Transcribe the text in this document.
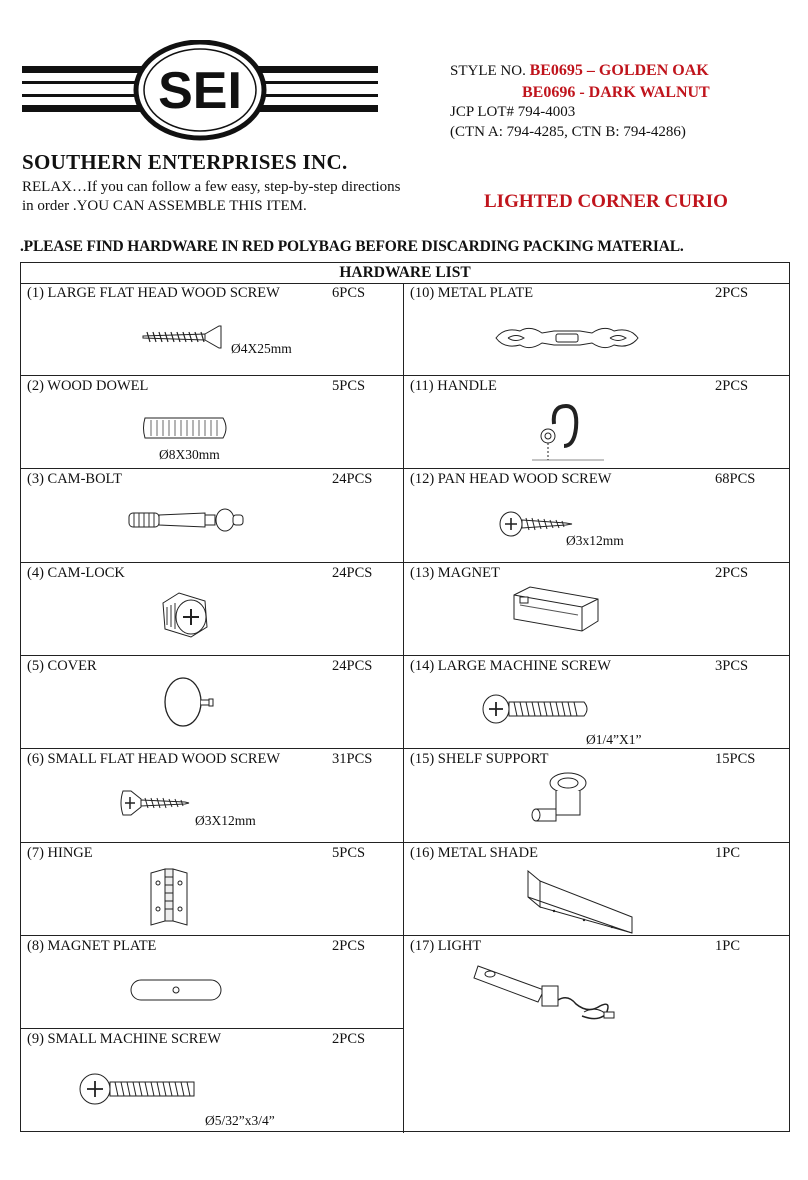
SEI	STYLE NO. BE0695 – GOLDEN OAK
BE0696 - DARK WALNUT
JCP LOT# 794-4003
(CTN A: 794-4285, CTN B: 794-4286)
SOUTHERN ENTERPRISES INC.
RELAX…If you can follow a few easy, step-by-step directions
in order .YOU CAN ASSEMBLE THIS ITEM.	LIGHTED CORNER CURIO
.PLEASE FIND HARDWARE IN RED POLYBAG BEFORE DISCARDING PACKING MATERIAL.
HARDWARE LIST
(1) LARGE FLAT HEAD WOOD SCREW	6PCS
Ø4X25mm
(2) WOOD DOWEL	5PCS
Ø8X30mm
(3) CAM-BOLT	24PCS
(4) CAM-LOCK	24PCS
(5) COVER	24PCS
(6) SMALL FLAT HEAD WOOD SCREW	31PCS
Ø3X12mm
(7) HINGE	5PCS
(8) MAGNET PLATE	2PCS
(9) SMALL MACHINE SCREW	2PCS
Ø5/32”x3/4”
(10) METAL PLATE	2PCS
(11) HANDLE	2PCS
(12) PAN HEAD WOOD SCREW	68PCS
Ø3x12mm
(13) MAGNET	2PCS
(14) LARGE MACHINE SCREW	3PCS
Ø1/4”X1”
(15) SHELF SUPPORT	15PCS
(16) METAL SHADE	1PC
(17) LIGHT	1PC
